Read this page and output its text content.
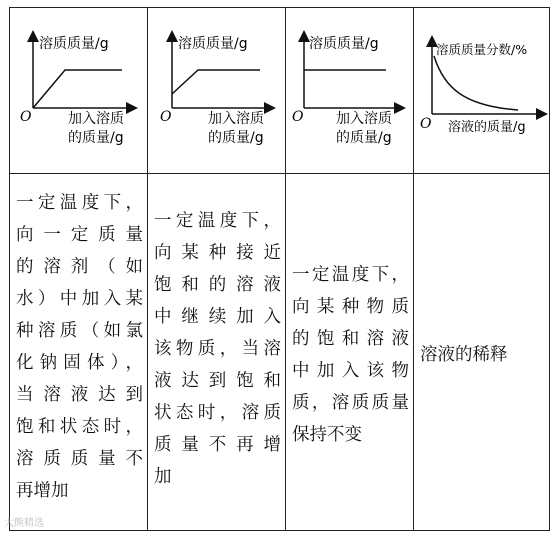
溶质质量/g
O	加入溶质
的质量/g
溶质质量/g
O	加入溶质
的质量/g
溶质质量/g
O 加入溶质
的质量/g
溶质质量分数/%
O 溶液的质量/g
一定温度下，
向一定质量
的溶剂（如
水）中加入某
种溶质（如氯
化钠固体），
当溶液达到
饱和状态时，
溶质质量不
再增加
一定温度下，
向某种接近
饱和的溶液
中继续加入
该物质，当溶
液达到饱和
状态时，溶质
质量不再增
加
一定温度下，
向某种物质
的饱和溶液
中加入该物
质，溶质质量
保持不变
溶液的稀释
大熊精选
